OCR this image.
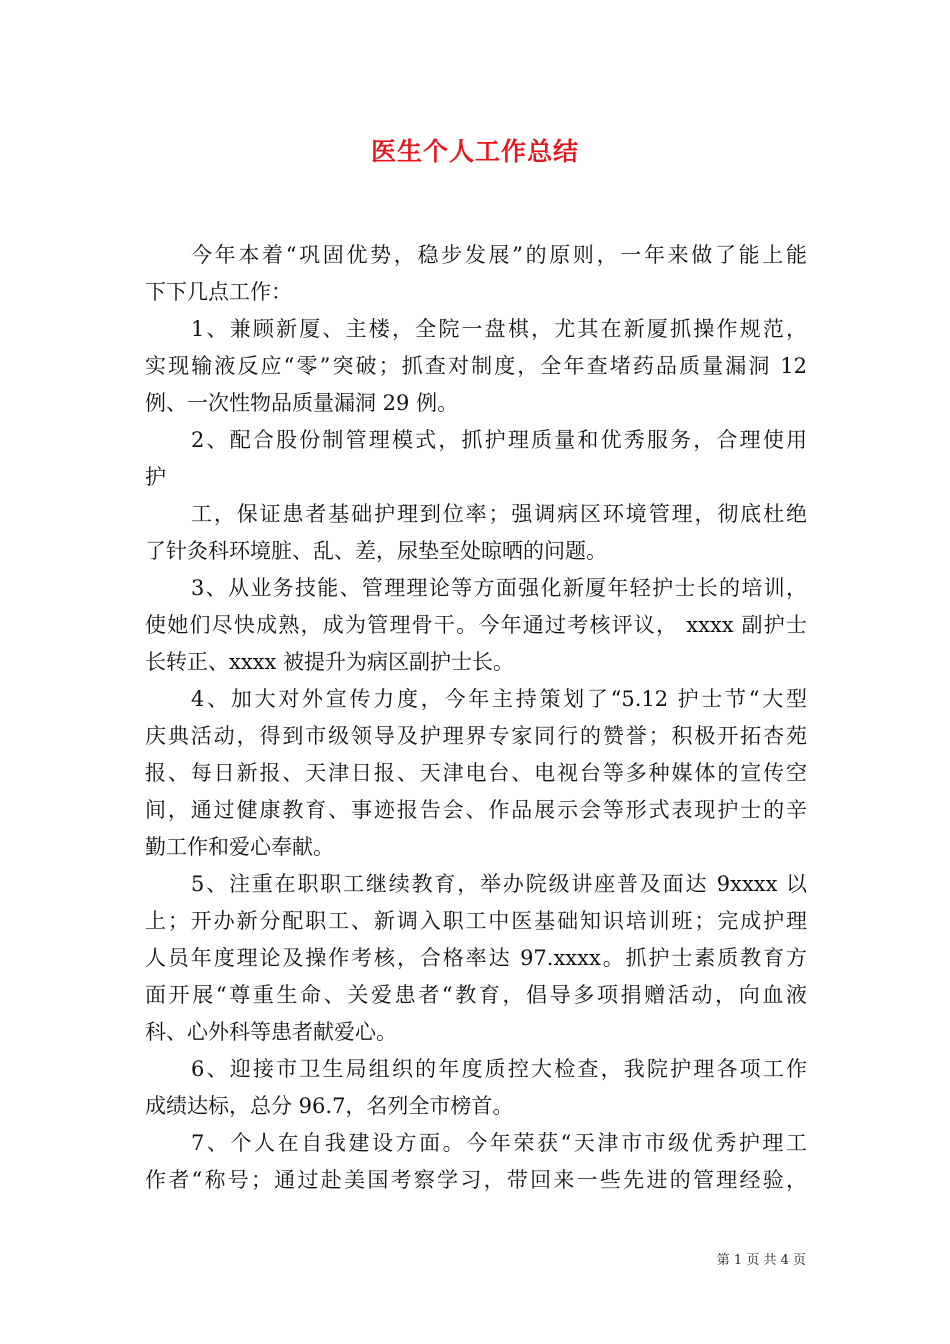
医生个人工作总结
今年本着“巩固优势，稳步发展”的原则，一年来做了能上能
下下几点工作：
1、兼顾新厦、主楼，全院一盘棋，尤其在新厦抓操作规范，
实现输液反应“零”突破；抓查对制度，全年查堵药品质量漏洞 12
例、一次性物品质量漏洞 29 例。
2、配合股份制管理模式，抓护理质量和优秀服务，合理使用
护
工，保证患者基础护理到位率；强调病区环境管理，彻底杜绝
了针灸科环境脏、乱、差，尿垫至处晾晒的问题。
3、从业务技能、管理理论等方面强化新厦年轻护士长的培训，
使她们尽快成熟，成为管理骨干。今年通过考核评议， xxxx 副护士
长转正、xxxx 被提升为病区副护士长。
4、加大对外宣传力度，今年主持策划了“5.12 护士节“大型
庆典活动，得到市级领导及护理界专家同行的赞誉；积极开拓杏苑
报、每日新报、天津日报、天津电台、电视台等多种媒体的宣传空
间，通过健康教育、事迹报告会、作品展示会等形式表现护士的辛
勤工作和爱心奉献。
5、注重在职职工继续教育，举办院级讲座普及面达 9xxxx 以
上；开办新分配职工、新调入职工中医基础知识培训班；完成护理
人员年度理论及操作考核，合格率达 97.xxxx。抓护士素质教育方
面开展“尊重生命、关爱患者“教育，倡导多项捐赠活动，向血液
科、心外科等患者献爱心。
6、迎接市卫生局组织的年度质控大检查，我院护理各项工作
成绩达标，总分 96.7，名列全市榜首。
7、个人在自我建设方面。今年荣获“天津市市级优秀护理工
作者“称号；通过赴美国考察学习，带回来一些先进的管理经验，
第 1 页 共 4 页
